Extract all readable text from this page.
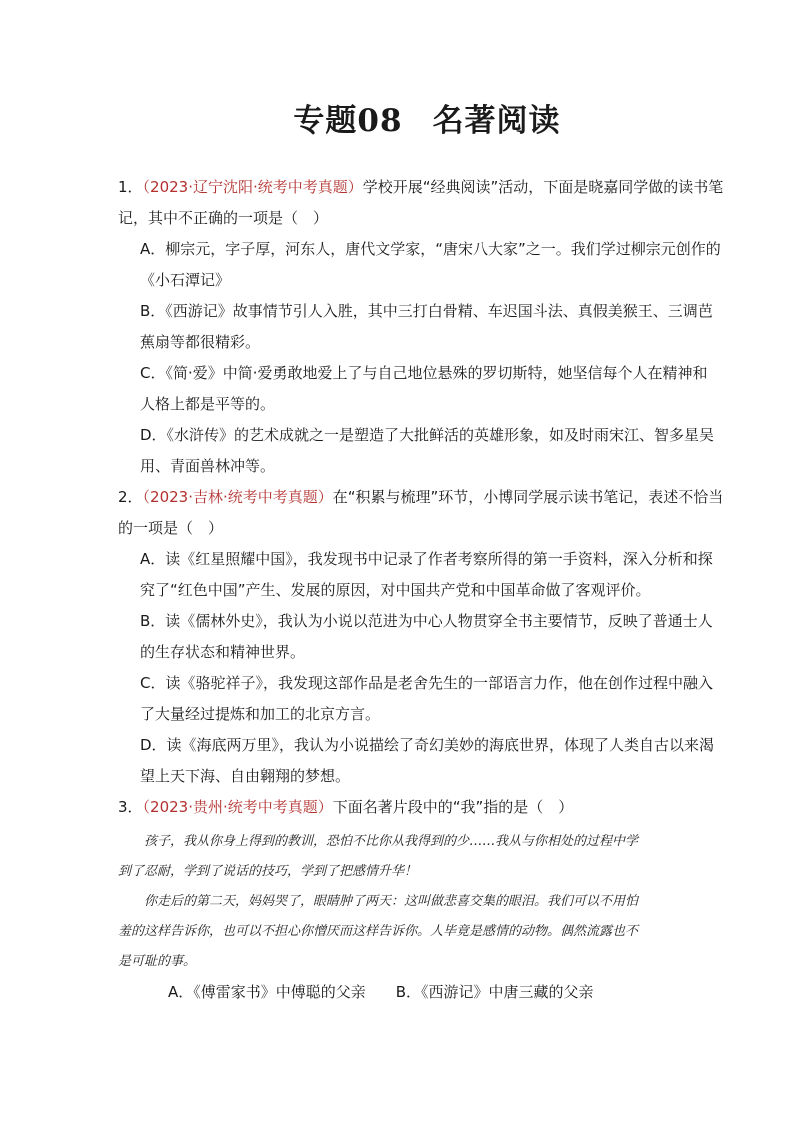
专题08 名著阅读
1．（2023·辽宁沈阳·统考中考真题）学校开展“经典阅读”活动，下面是晓嘉同学做的读书笔
记，其中不正确的一项是（　）
A．柳宗元，字子厚，河东人，唐代文学家，“唐宋八大家”之一。我们学过柳宗元创作的
《小石潭记》
B．《西游记》故事情节引人入胜，其中三打白骨精、车迟国斗法、真假美猴王、三调芭
蕉扇等都很精彩。
C．《简·爱》中简·爱勇敢地爱上了与自己地位悬殊的罗切斯特，她坚信每个人在精神和
人格上都是平等的。
D．《水浒传》的艺术成就之一是塑造了大批鲜活的英雄形象，如及时雨宋江、智多星吴
用、青面兽林冲等。
2．（2023·吉林·统考中考真题）在“积累与梳理”环节，小博同学展示读书笔记，表述不恰当
的一项是（　）
A．读《红星照耀中国》，我发现书中记录了作者考察所得的第一手资料，深入分析和探
究了“红色中国”产生、发展的原因，对中国共产党和中国革命做了客观评价。
B．读《儒林外史》，我认为小说以范进为中心人物贯穿全书主要情节，反映了普通士人
的生存状态和精神世界。
C．读《骆驼祥子》，我发现这部作品是老舍先生的一部语言力作，他在创作过程中融入
了大量经过提炼和加工的北京方言。
D．读《海底两万里》，我认为小说描绘了奇幻美妙的海底世界，体现了人类自古以来渴
望上天下海、自由翱翔的梦想。
3．（2023·贵州·统考中考真题）下面名著片段中的“我”指的是（　）
孩子，我从你身上得到的教训，恐怕不比你从我得到的少……我从与你相处的过程中学
到了忍耐，学到了说话的技巧，学到了把感情升华！
你走后的第二天，妈妈哭了，眼睛肿了两天：这叫做悲喜交集的眼泪。我们可以不用怕
羞的这样告诉你，也可以不担心你憎厌而这样告诉你。人毕竟是感情的动物。偶然流露也不
是可耻的事。
A．《傅雷家书》中傅聪的父亲 B．《西游记》中唐三藏的父亲
